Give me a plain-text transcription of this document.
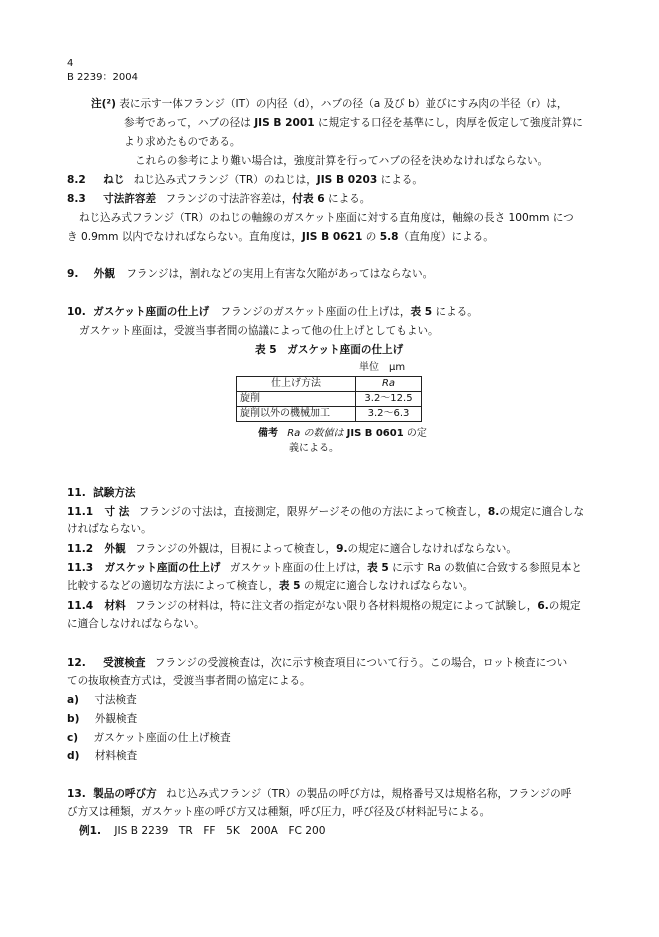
4
B 2239：2004
注(²) 表に示す一体フランジ（IT）の内径（d），ハブの径（a 及び b）並びにすみ肉の半径（r）は，
参考であって，ハブの径は JIS B 2001 に規定する口径を基準にし，肉厚を仮定して強度計算に
より求めたものである。
これらの参考により難い場合は，強度計算を行ってハブの径を決めなければならない。
8.2 ねじ ねじ込み式フランジ（TR）のねじは，JIS B 0203 による。
8.3 寸法許容差 フランジの寸法許容差は，付表 6 による。
ねじ込み式フランジ（TR）のねじの軸線のガスケット座面に対する直角度は，軸線の長さ 100mm につ
き 0.9mm 以内でなければならない。直角度は，JIS B 0621 の 5.8（直角度）による。
9. 外観 フランジは，割れなどの実用上有害な欠陥があってはならない。
10. ガスケット座面の仕上げ フランジのガスケット座面の仕上げは，表 5 による。
ガスケット座面は，受渡当事者間の協議によって他の仕上げとしてもよい。
表 5　ガスケット座面の仕上げ
単位　μm
仕上げ方法	Ra
旋削	3.2～12.5
旋削以外の機械加工	3.2～6.3
備考 Ra の数値は JIS B 0601 の定
義による。
11. 試験方法
11.1 寸 法 フランジの寸法は，直接測定，限界ゲージその他の方法によって検査し，8.の規定に適合しな
ければならない。
11.2 外観 フランジの外観は，目視によって検査し，9.の規定に適合しなければならない。
11.3 ガスケット座面の仕上げ ガスケット座面の仕上げは，表 5 に示す Ra の数値に合致する参照見本と
比較するなどの適切な方法によって検査し，表 5 の規定に適合しなければならない。
11.4 材料 フランジの材料は，特に注文者の指定がない限り各材料規格の規定によって試験し，6.の規定
に適合しなければならない。
12. 受渡検査 フランジの受渡検査は，次に示す検査項目について行う。この場合，ロット検査につい
ての抜取検査方式は，受渡当事者間の協定による。
a) 寸法検査
b) 外観検査
c) ガスケット座面の仕上げ検査
d) 材料検査
13. 製品の呼び方 ねじ込み式フランジ（TR）の製品の呼び方は，規格番号又は規格名称，フランジの呼
び方又は種類，ガスケット座の呼び方又は種類，呼び圧力，呼び径及び材料記号による。
例1. JIS B 2239　TR　FF　5K　200A　FC 200
